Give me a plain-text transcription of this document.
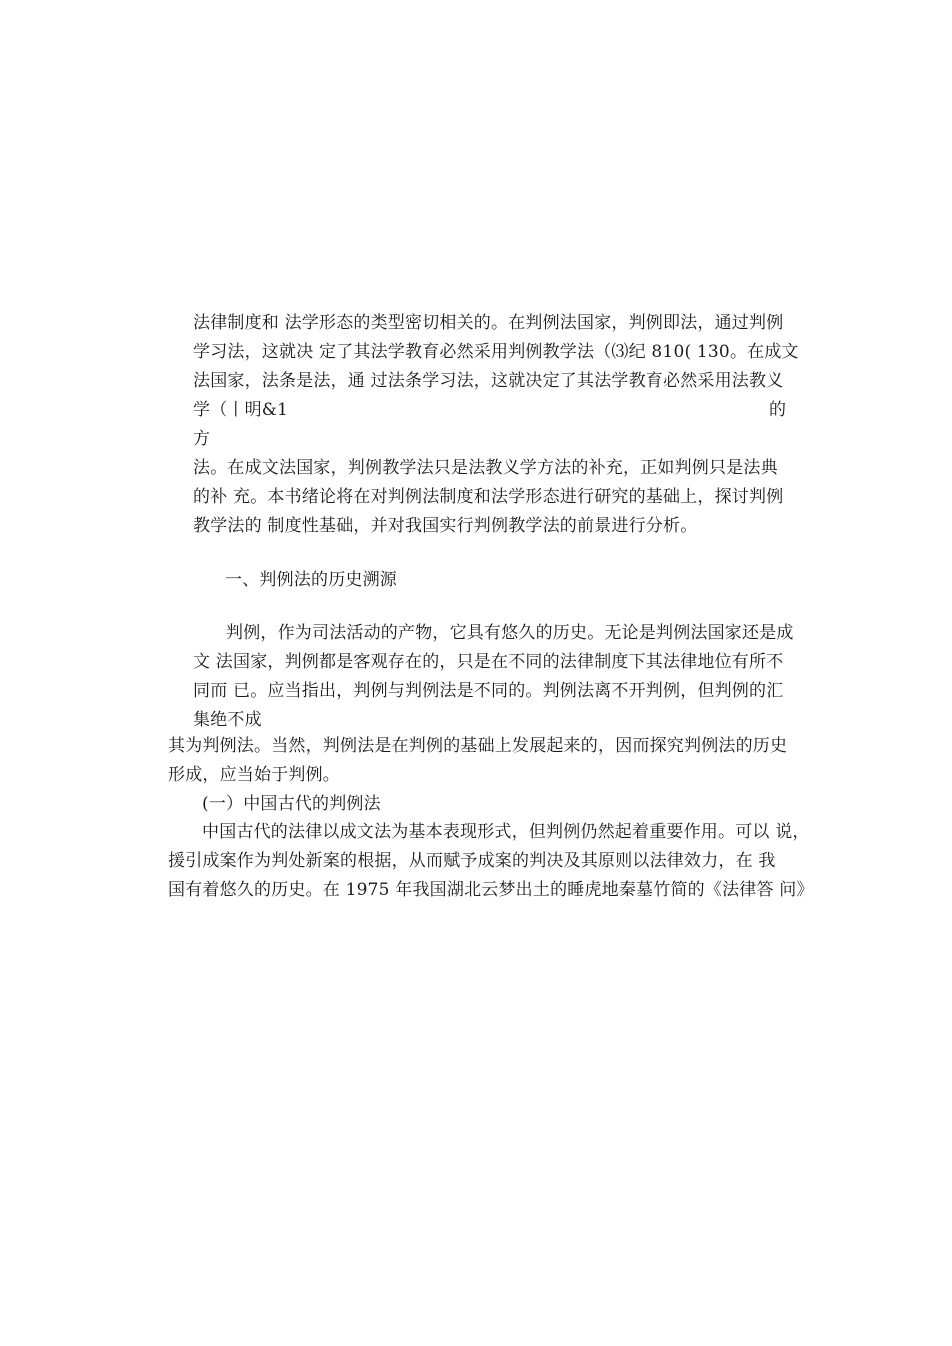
法律制度和 法学形态的类型密切相关的。在判例法国家，判例即法，通过判例
学习法，这就决 定了其法学教育必然采用判例教学法（⑶纪 810( 130。在成文
法国家，法条是法，通 过法条学习法，这就决定了其法学教育必然采用法教义
学（丨明&1	的
方
法。在成文法国家，判例教学法只是法教义学方法的补充，正如判例只是法典
的补 充。本书绪论将在对判例法制度和法学形态进行研究的基础上，探讨判例
教学法的 制度性基础，并对我国实行判例教学法的前景进行分析。
一、判例法的历史溯源
判例，作为司法活动的产物，它具有悠久的历史。无论是判例法国家还是成
文 法国家，判例都是客观存在的，只是在不同的法律制度下其法律地位有所不
同而 已。应当指出，判例与判例法是不同的。判例法离不开判例，但判例的汇
集绝不成
其为判例法。当然，判例法是在判例的基础上发展起来的，因而探究判例法的历史
形成，应当始于判例。
(一）中国古代的判例法
中国古代的法律以成文法为基本表现形式，但判例仍然起着重要作用。可以 说，
援引成案作为判处新案的根据，从而赋予成案的判决及其原则以法律效力，在 我
国有着悠久的历史。在 1975 年我国湖北云梦出土的睡虎地秦墓竹简的《法律答 问》
